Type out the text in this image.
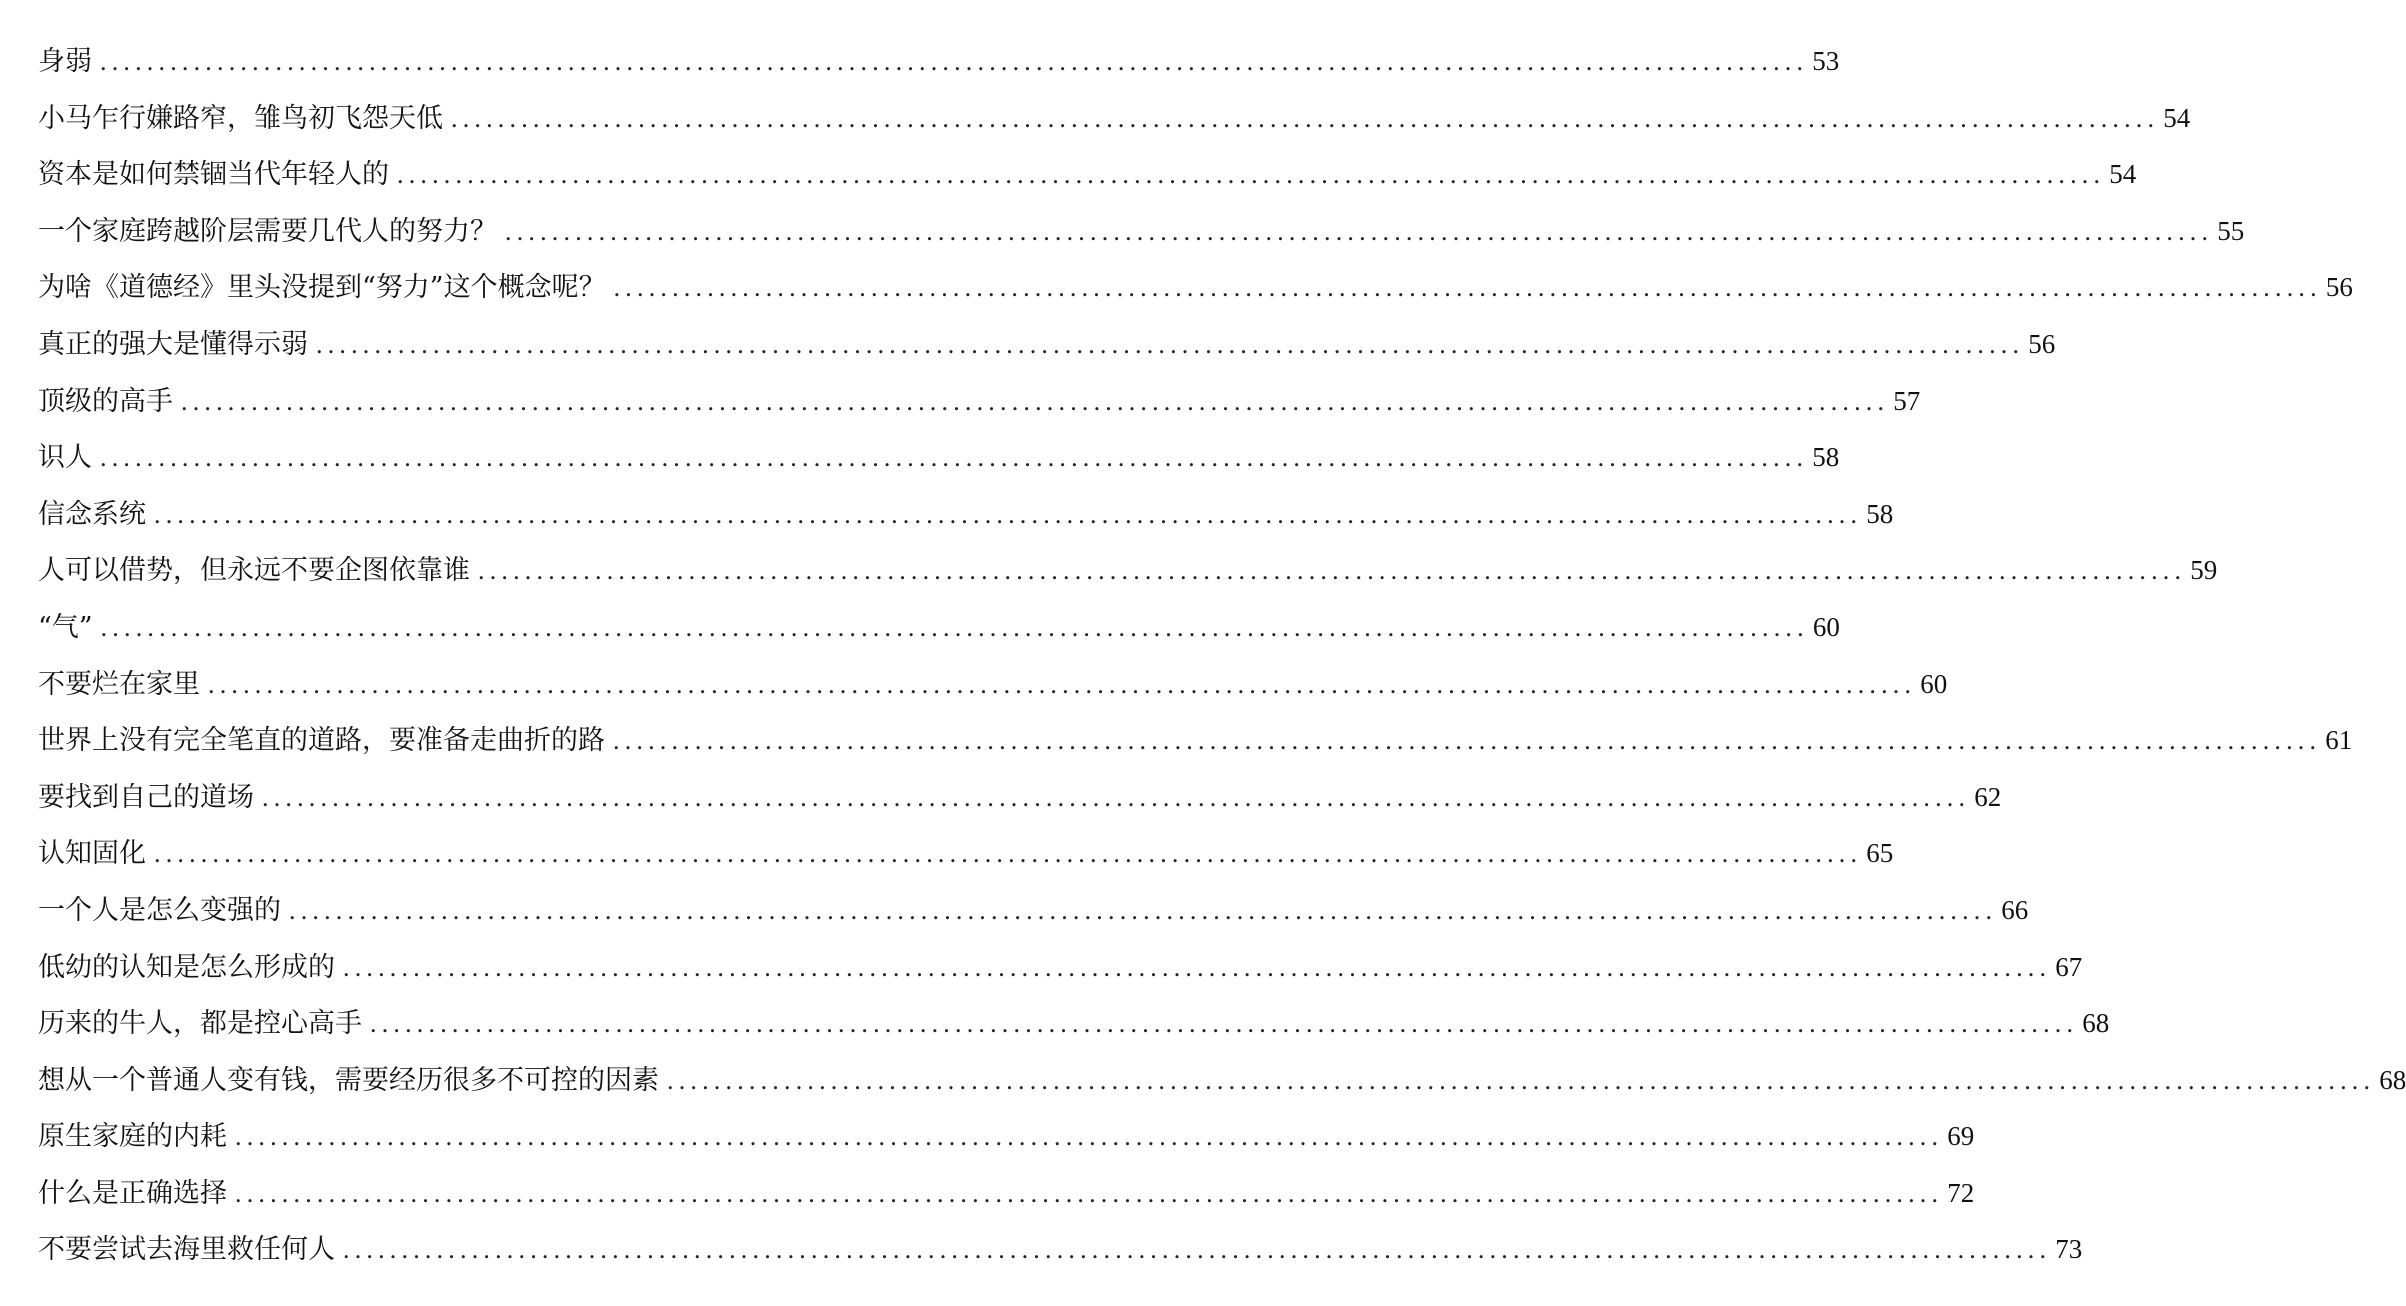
身弱 .................................................................................................................................................. 53
小马乍行嫌路窄，雏鸟初飞怨天低 .................................................................................................................................................. 54
资本是如何禁锢当代年轻人的 .................................................................................................................................................. 54
一个家庭跨越阶层需要几代人的努力？ .................................................................................................................................................. 55
为啥《道德经》里头没提到“努力”这个概念呢？ .................................................................................................................................................. 56
真正的强大是懂得示弱 .................................................................................................................................................. 56
顶级的高手 .................................................................................................................................................. 57
识人 .................................................................................................................................................. 58
信念系统 .................................................................................................................................................. 58
人可以借势，但永远不要企图依靠谁 .................................................................................................................................................. 59
“气” .................................................................................................................................................. 60
不要烂在家里 .................................................................................................................................................. 60
世界上没有完全笔直的道路，要准备走曲折的路 .................................................................................................................................................. 61
要找到自己的道场 .................................................................................................................................................. 62
认知固化 .................................................................................................................................................. 65
一个人是怎么变强的 .................................................................................................................................................. 66
低幼的认知是怎么形成的 .................................................................................................................................................. 67
历来的牛人，都是控心高手 .................................................................................................................................................. 68
想从一个普通人变有钱，需要经历很多不可控的因素 .................................................................................................................................................. 68
原生家庭的内耗 .................................................................................................................................................. 69
什么是正确选择 .................................................................................................................................................. 72
不要尝试去海里救任何人 .................................................................................................................................................. 73
